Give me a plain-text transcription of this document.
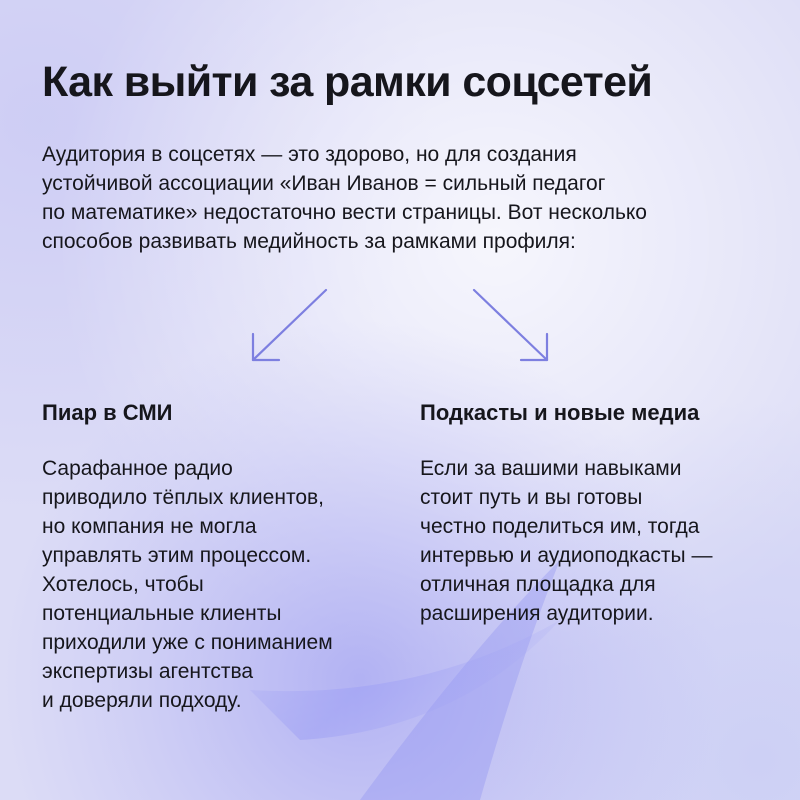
Как выйти за рамки соцсетей
Аудитория в соцсетях — это здорово, но для создания
устойчивой ассоциации «Иван Иванов = сильный педагог
по математике» недостаточно вести страницы. Вот несколько
способов развивать медийность за рамками профиля:
Пиар в СМИ
Сарафанное радио
приводило тёплых клиентов,
но компания не могла
управлять этим процессом.
Хотелось, чтобы
потенциальные клиенты
приходили уже с пониманием
экспертизы агентства
и доверяли подходу.
Подкасты и новые медиа
Если за вашими навыками
стоит путь и вы готовы
честно поделиться им, тогда
интервью и аудиоподкасты —
отличная площадка для
расширения аудитории.
